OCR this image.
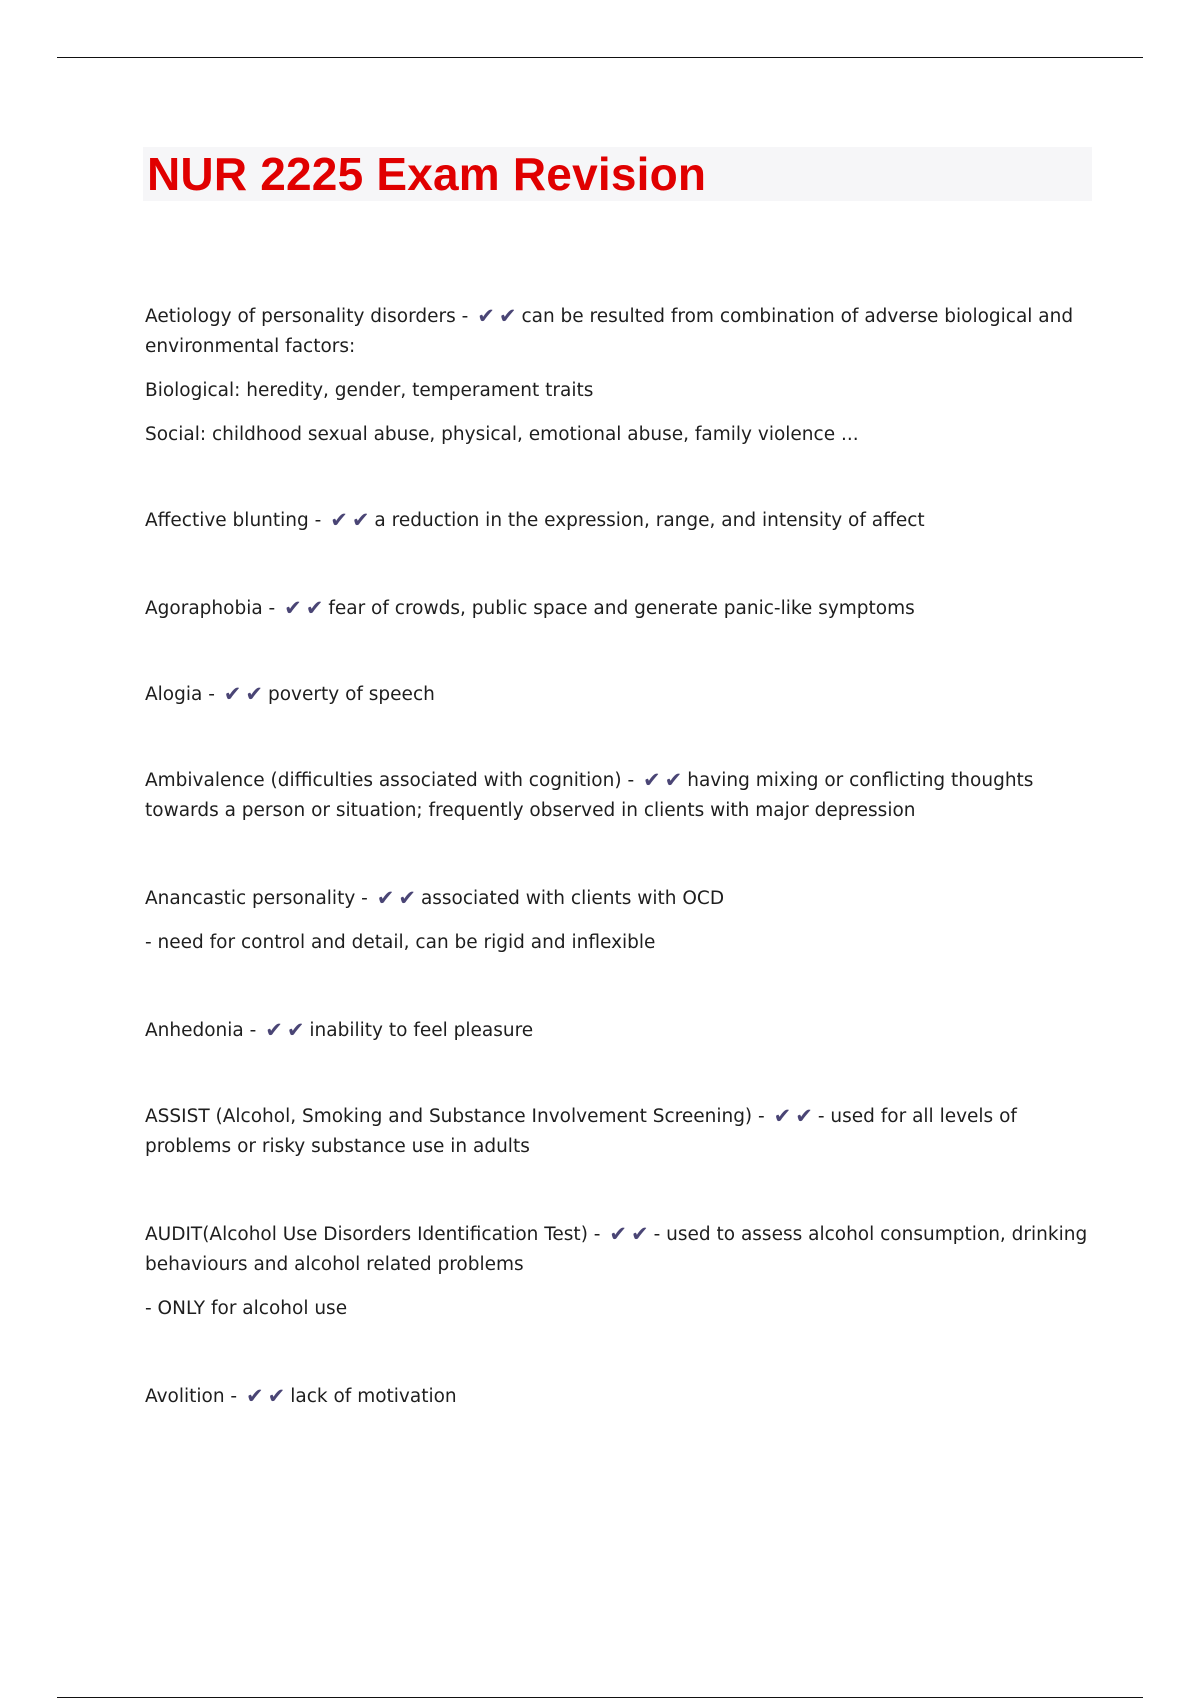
NUR 2225 Exam Revision

Aetiology of personality disorders - ✔ ✔ can be resulted from combination of adverse biological and environmental factors:

Biological: heredity, gender, temperament traits

Social: childhood sexual abuse, physical, emotional abuse, family violence ...

Affective blunting - ✔ ✔ a reduction in the expression, range, and intensity of affect

Agoraphobia - ✔ ✔ fear of crowds, public space and generate panic-like symptoms

Alogia - ✔ ✔ poverty of speech

Ambivalence (difficulties associated with cognition) - ✔ ✔ having mixing or conflicting thoughts towards a person or situation; frequently observed in clients with major depression

Anancastic personality - ✔ ✔ associated with clients with OCD

- need for control and detail, can be rigid and inflexible

Anhedonia - ✔ ✔ inability to feel pleasure

ASSIST (Alcohol, Smoking and Substance Involvement Screening) - ✔ ✔ - used for all levels of problems or risky substance use in adults

AUDIT(Alcohol Use Disorders Identification Test) - ✔ ✔ - used to assess alcohol consumption, drinking behaviours and alcohol related problems

- ONLY for alcohol use

Avolition - ✔ ✔ lack of motivation
